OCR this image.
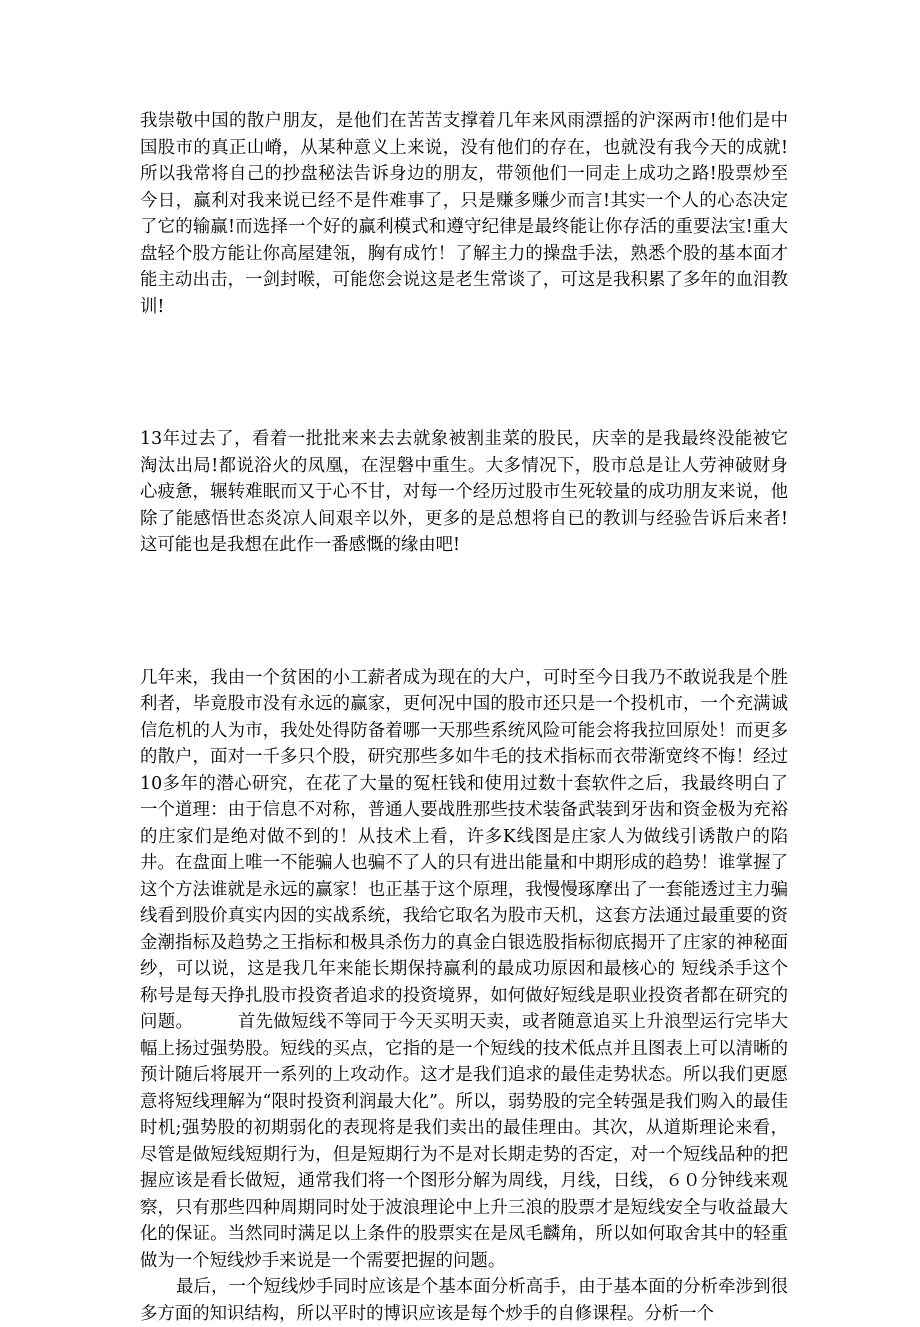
我崇敬中国的散户朋友，是他们在苦苦支撑着几年来风雨漂摇的沪深两市!他们是中国股市的真正山嵴，从某种意义上来说，没有他们的存在，也就没有我今天的成就!所以我常将自己的抄盘秘法告诉身边的朋友，带领他们一同走上成功之路!股票炒至今日，赢利对我来说已经不是件难事了，只是赚多赚少而言!其实一个人的心态决定了它的输赢!而选择一个好的赢利模式和遵守纪律是最终能让你存活的重要法宝!重大盘轻个股方能让你高屋建瓴，胸有成竹！了解主力的操盘手法，熟悉个股的基本面才能主动出击，一剑封喉，可能您会说这是老生常谈了，可这是我积累了多年的血泪教训!

13年过去了，看着一批批来来去去就象被割韭菜的股民，庆幸的是我最终没能被它淘汰出局!都说浴火的凤凰，在涅磐中重生。大多情况下，股市总是让人劳神破财身心疲惫，辗转难眠而又于心不甘，对每一个经历过股市生死较量的成功朋友来说，他除了能感悟世态炎凉人间艰辛以外，更多的是总想将自已的教训与经验告诉后来者!这可能也是我想在此作一番感慨的缘由吧!

几年来，我由一个贫困的小工薪者成为现在的大户，可时至今日我乃不敢说我是个胜利者，毕竟股市没有永远的赢家，更何况中国的股市还只是一个投机市，一个充满诚信危机的人为市，我处处得防备着哪一天那些系统风险可能会将我拉回原处！而更多的散户，面对一千多只个股，研究那些多如牛毛的技术指标而衣带渐宽终不悔！经过10多年的潜心研究，在花了大量的冤枉钱和使用过数十套软件之后，我最终明白了一个道理：由于信息不对称，普通人要战胜那些技术装备武装到牙齿和资金极为充裕的庄家们是绝对做不到的！从技术上看，许多K线图是庄家人为做线引诱散户的陷井。在盘面上唯一不能骗人也骗不了人的只有进出能量和中期形成的趋势！谁掌握了这个方法谁就是永远的赢家！也正基于这个原理，我慢慢琢摩出了一套能透过主力骗线看到股价真实内因的实战系统，我给它取名为股市天机，这套方法通过最重要的资金潮指标及趋势之王指标和极具杀伤力的真金白银选股指标彻底揭开了庄家的神秘面纱，可以说，这是我几年来能长期保持赢利的最成功原因和最核心的 短线杀手这个称号是每天挣扎股市投资者追求的投资境界，如何做好短线是职业投资者都在研究的问题。　　　首先做短线不等同于今天买明天卖，或者随意追买上升浪型运行完毕大幅上扬过强势股。短线的买点，它指的是一个短线的技术低点并且图表上可以清晰的预计随后将展开一系列的上攻动作。这才是我们追求的最佳走势状态。所以我们更愿意将短线理解为“限时投资利润最大化”。所以，弱势股的完全转强是我们购入的最佳时机;强势股的初期弱化的表现将是我们卖出的最佳理由。其次，从道斯理论来看，尽管是做短线短期行为，但是短期行为不是对长期走势的否定，对一个短线品种的把握应该是看长做短，通常我们将一个图形分解为周线，月线，日线，６０分钟线来观察，只有那些四种周期同时处于波浪理论中上升三浪的股票才是短线安全与收益最大化的保证。当然同时满足以上条件的股票实在是凤毛麟角，所以如何取舍其中的轻重做为一个短线炒手来说是一个需要把握的问题。

最后，一个短线炒手同时应该是个基本面分析高手，由于基本面的分析牵涉到很多方面的知识结构，所以平时的博识应该是每个炒手的自修课程。分析一个
